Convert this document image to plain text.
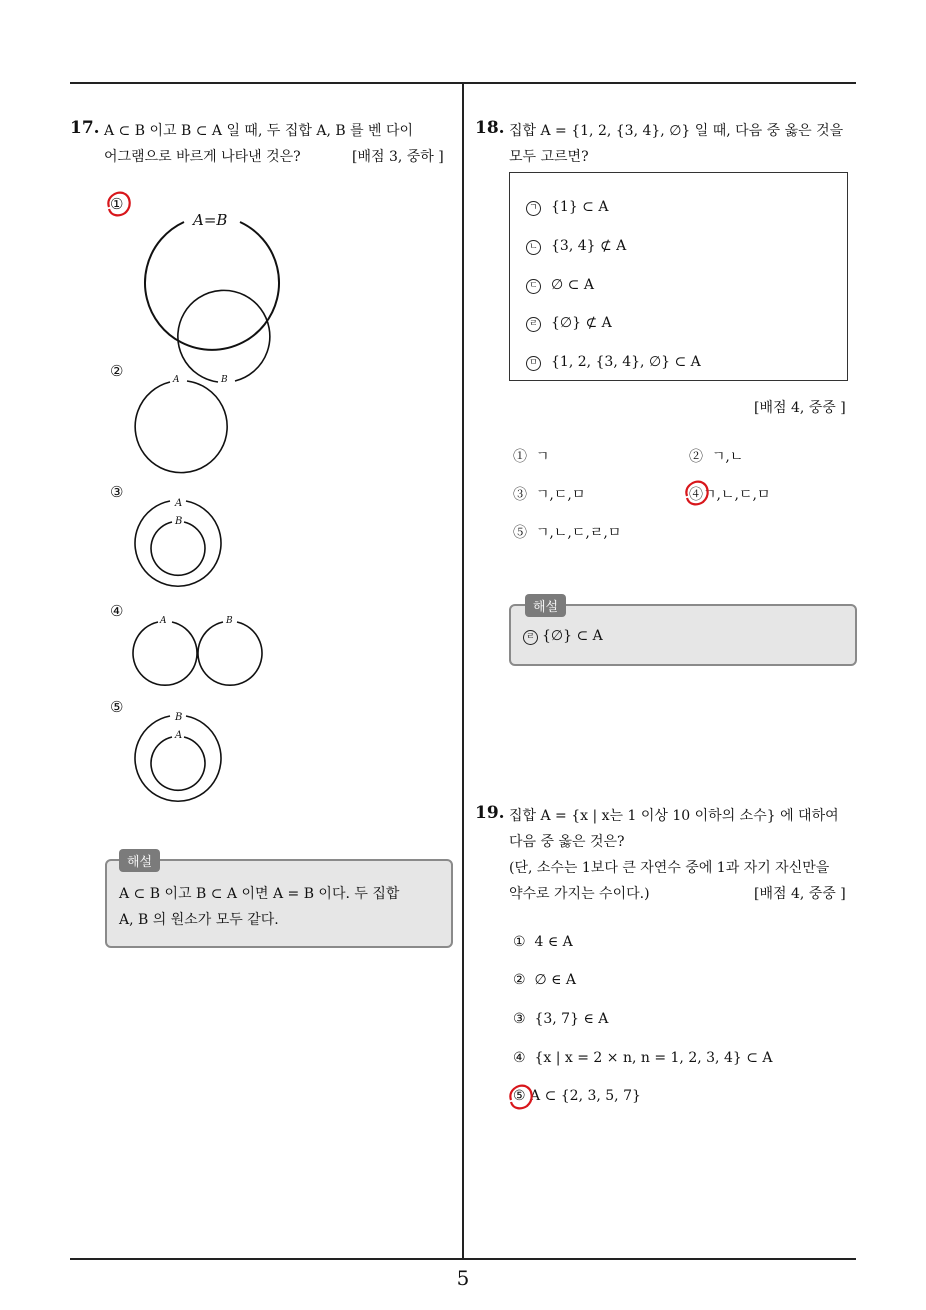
5
17. A ⊂ B 이고 B ⊂ A 일 때, 두 집합 A, B 를 벤 다이
어그램으로 바르게 나타낸 것은?	[배점 3, 중하 ]
①
A=B
②	A	B
③
A
B
④
A	B
⑤
B
A
해설
A ⊂ B 이고 B ⊂ A 이면 A = B 이다. 두 집합
A, B 의 원소가 모두 같다.
18. 집합 A = {1, 2, {3, 4}, ∅} 일 때, 다음 중 옳은 것을
모두 고르면?
ㄱ {1} ⊂ A
ㄴ {3, 4} ⊄ A
ㄷ ∅ ⊂ A
ㄹ {∅} ⊄ A
ㅁ {1, 2, {3, 4}, ∅} ⊂ A
[배점 4, 중중 ]
① ㄱ	② ㄱ,ㄴ
③ ㄱ,ㄷ,ㅁ	④ㄱ,ㄴ,ㄷ,ㅁ
⑤ ㄱ,ㄴ,ㄷ,ㄹ,ㅁ
해설
ㄹ {∅} ⊂ A
19. 집합 A = {x | x는 1 이상 10 이하의 소수} 에 대하여
다음 중 옳은 것은?
(단, 소수는 1보다 큰 자연수 중에 1과 자기 자신만을
약수로 가지는 수이다.)	[배점 4, 중중 ]
① 4 ∈ A
② ∅ ∈ A
③ {3, 7} ∈ A
④ {x | x = 2 × n, n = 1, 2, 3, 4} ⊂ A
⑤ A ⊂ {2, 3, 5, 7}
